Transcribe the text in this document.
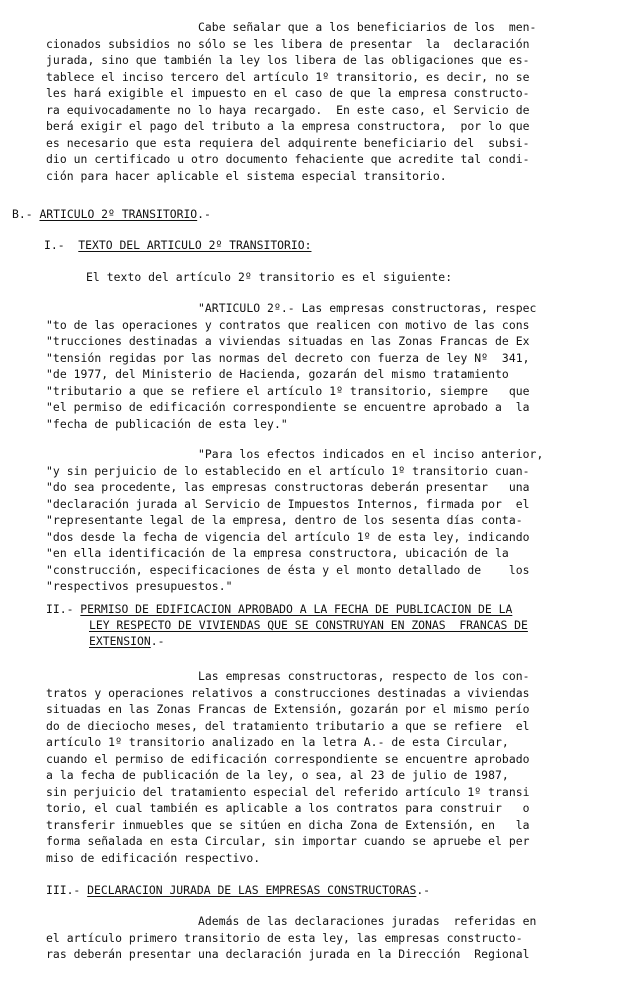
Cabe señalar que a los beneficiarios de los  men-
cionados subsidios no sólo se les libera de presentar  la  declaración
jurada, sino que también la ley los libera de las obligaciones que es-
tablece el inciso tercero del artículo 1º transitorio, es decir, no se
les hará exigible el impuesto en el caso de que la empresa constructo-
ra equivocadamente no lo haya recargado.  En este caso, el Servicio de
berá exigir el pago del tributo a la empresa constructora,  por lo que
es necesario que esta requiera del adquirente beneficiario del  subsi-
dio un certificado u otro documento fehaciente que acredite tal condi-
ción para hacer aplicable el sistema especial transitorio.
B.- ARTICULO 2º TRANSITORIO.-
I.-  TEXTO DEL ARTICULO 2º TRANSITORIO:
El texto del artículo 2º transitorio es el siguiente:
"ARTICULO 2º.- Las empresas constructoras, respec
"to de las operaciones y contratos que realicen con motivo de las cons
"trucciones destinadas a viviendas situadas en las Zonas Francas de Ex
"tensión regidas por las normas del decreto con fuerza de ley Nº  341,
"de 1977, del Ministerio de Hacienda, gozarán del mismo tratamiento
"tributario a que se refiere el artículo 1º transitorio, siempre   que
"el permiso de edificación correspondiente se encuentre aprobado a  la
"fecha de publicación de esta ley."
"Para los efectos indicados en el inciso anterior,
"y sin perjuicio de lo establecido en el artículo 1º transitorio cuan-
"do sea procedente, las empresas constructoras deberán presentar   una
"declaración jurada al Servicio de Impuestos Internos, firmada por  el
"representante legal de la empresa, dentro de los sesenta días conta-
"dos desde la fecha de vigencia del artículo 1º de esta ley, indicando
"en ella identificación de la empresa constructora, ubicación de la
"construcción, especificaciones de ésta y el monto detallado de    los
"respectivos presupuestos."
II.- PERMISO DE EDIFICACION APROBADO A LA FECHA DE PUBLICACION DE LA
LEY RESPECTO DE VIVIENDAS QUE SE CONSTRUYAN EN ZONAS  FRANCAS DE
EXTENSION.-
Las empresas constructoras, respecto de los con-
tratos y operaciones relativos a construcciones destinadas a viviendas
situadas en las Zonas Francas de Extensión, gozarán por el mismo perío
do de dieciocho meses, del tratamiento tributario a que se refiere  el
artículo 1º transitorio analizado en la letra A.- de esta Circular,
cuando el permiso de edificación correspondiente se encuentre aprobado
a la fecha de publicación de la ley, o sea, al 23 de julio de 1987,
sin perjuicio del tratamiento especial del referido artículo 1º transi
torio, el cual también es aplicable a los contratos para construir   o
transferir inmuebles que se sitúen en dicha Zona de Extensión, en   la
forma señalada en esta Circular, sin importar cuando se apruebe el per
miso de edificación respectivo.
III.- DECLARACION JURADA DE LAS EMPRESAS CONSTRUCTORAS.-
Además de las declaraciones juradas  referidas en
el artículo primero transitorio de esta ley, las empresas constructo-
ras deberán presentar una declaración jurada en la Dirección  Regional
